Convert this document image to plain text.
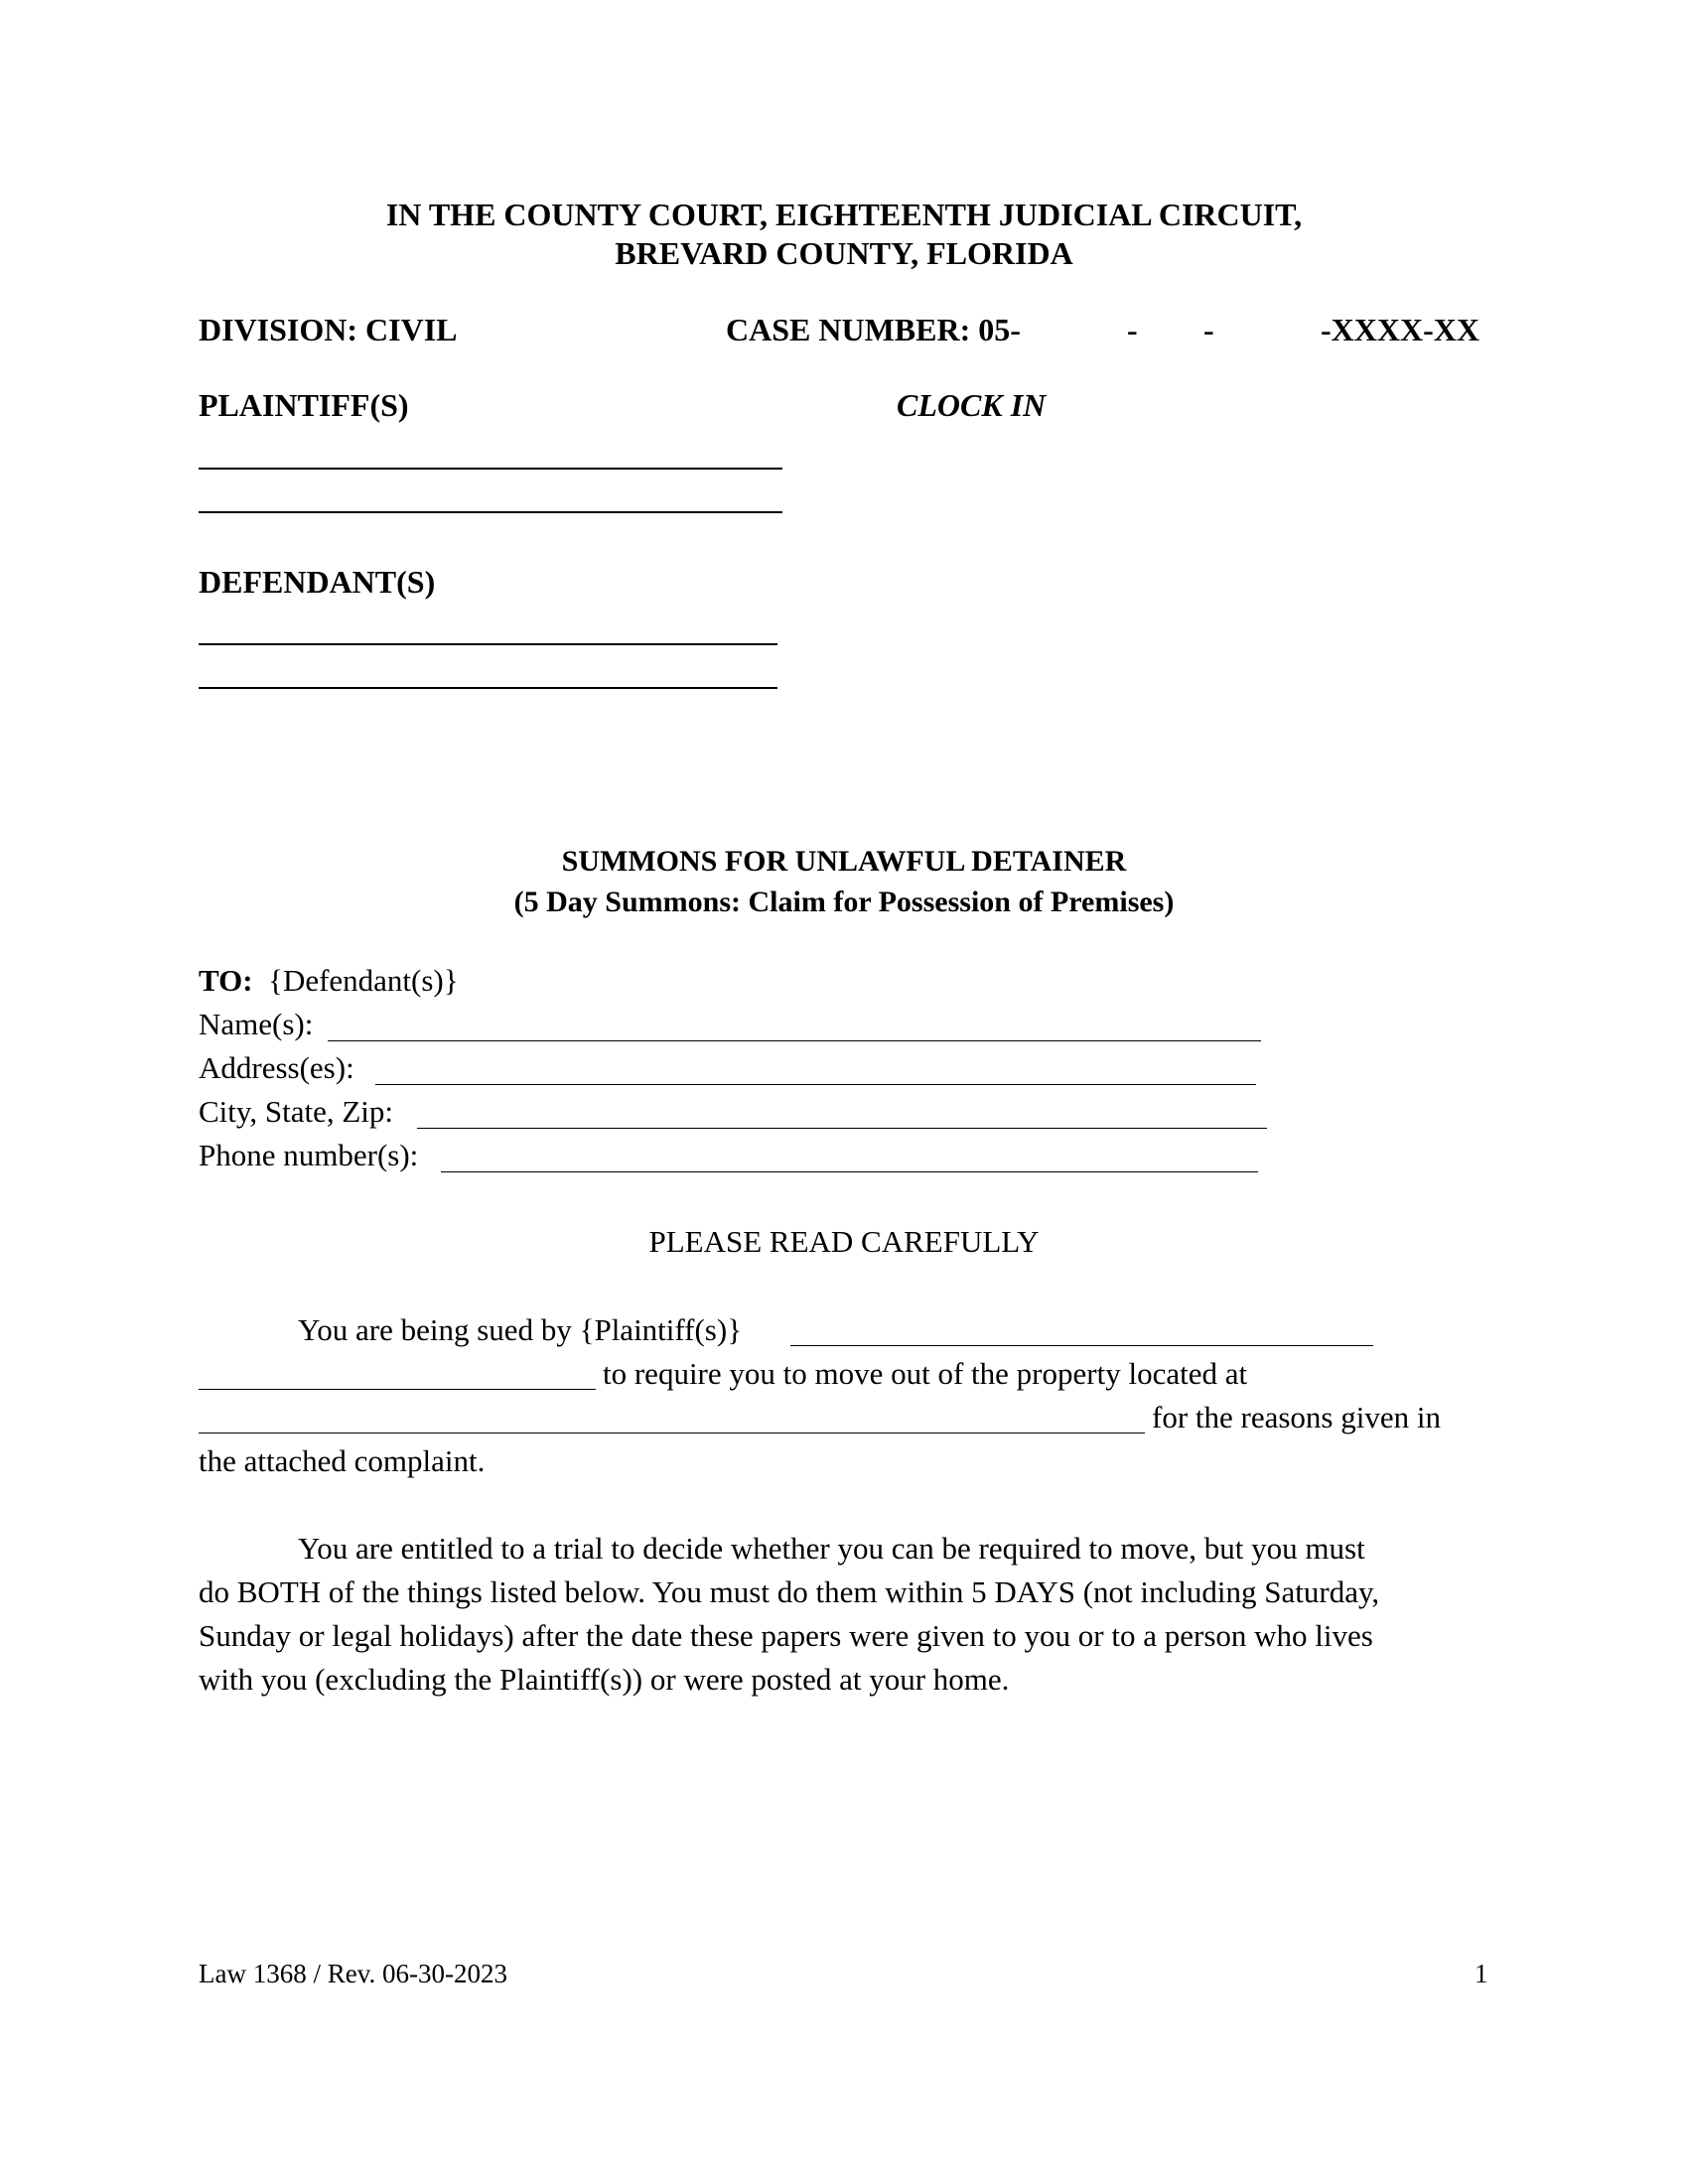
IN THE COUNTY COURT, EIGHTEENTH JUDICIAL CIRCUIT,
BREVARD COUNTY, FLORIDA
DIVISION: CIVIL	CASE NUMBER: 05-	- -	-XXXX-XX
PLAINTIFF(S)	CLOCK IN
DEFENDANT(S)
SUMMONS FOR UNLAWFUL DETAINER
(5 Day Summons: Claim for Possession of Premises)
TO: {Defendant(s)}
Name(s):
Address(es):
City, State, Zip:
Phone number(s):
PLEASE READ CAREFULLY
You are being sued by {Plaintiff(s)}
to require you to move out of the property located at
for the reasons given in
the attached complaint.
You are entitled to a trial to decide whether you can be required to move, but you must
do BOTH of the things listed below. You must do them within 5 DAYS (not including Saturday,
Sunday or legal holidays) after the date these papers were given to you or to a person who lives
with you (excluding the Plaintiff(s)) or were posted at your home.
Law 1368 / Rev. 06-30-2023	1
